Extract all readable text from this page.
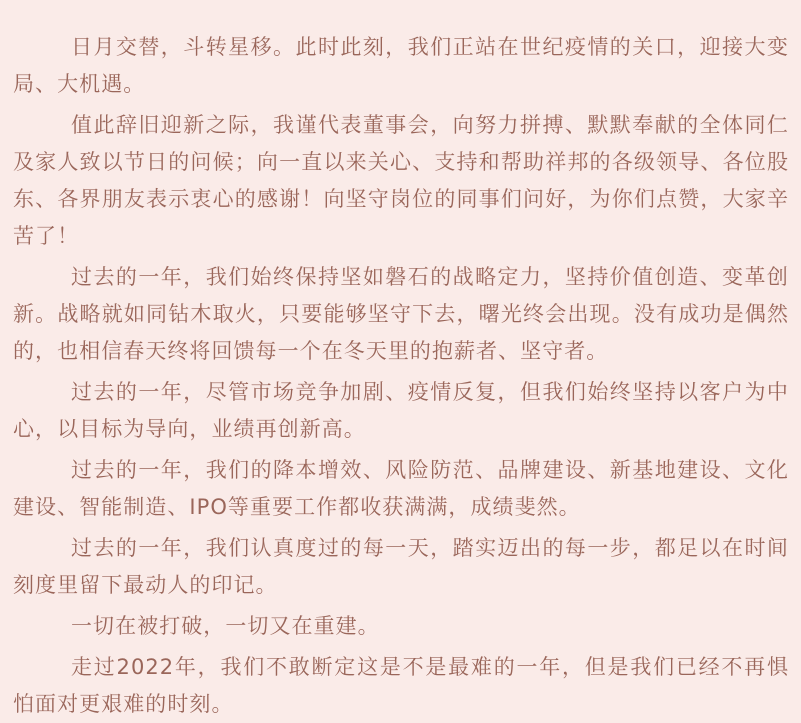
日月交替，斗转星移。此时此刻，我们正站在世纪疫情的关口，迎接大变局、大机遇。

值此辞旧迎新之际，我谨代表董事会，向努力拼搏、默默奉献的全体同仁及家人致以节日的问候；向一直以来关心、支持和帮助祥邦的各级领导、各位股东、各界朋友表示衷心的感谢！向坚守岗位的同事们问好，为你们点赞，大家辛苦了！

过去的一年，我们始终保持坚如磐石的战略定力，坚持价值创造、变革创新。战略就如同钻木取火，只要能够坚守下去，曙光终会出现。没有成功是偶然的，也相信春天终将回馈每一个在冬天里的抱薪者、坚守者。

过去的一年，尽管市场竞争加剧、疫情反复，但我们始终坚持以客户为中心，以目标为导向，业绩再创新高。

过去的一年，我们的降本增效、风险防范、品牌建设、新基地建设、文化建设、智能制造、IPO等重要工作都收获满满，成绩斐然。

过去的一年，我们认真度过的每一天，踏实迈出的每一步，都足以在时间刻度里留下最动人的印记。

一切在被打破，一切又在重建。

走过2022年，我们不敢断定这是不是最难的一年，但是我们已经不再惧怕面对更艰难的时刻。
